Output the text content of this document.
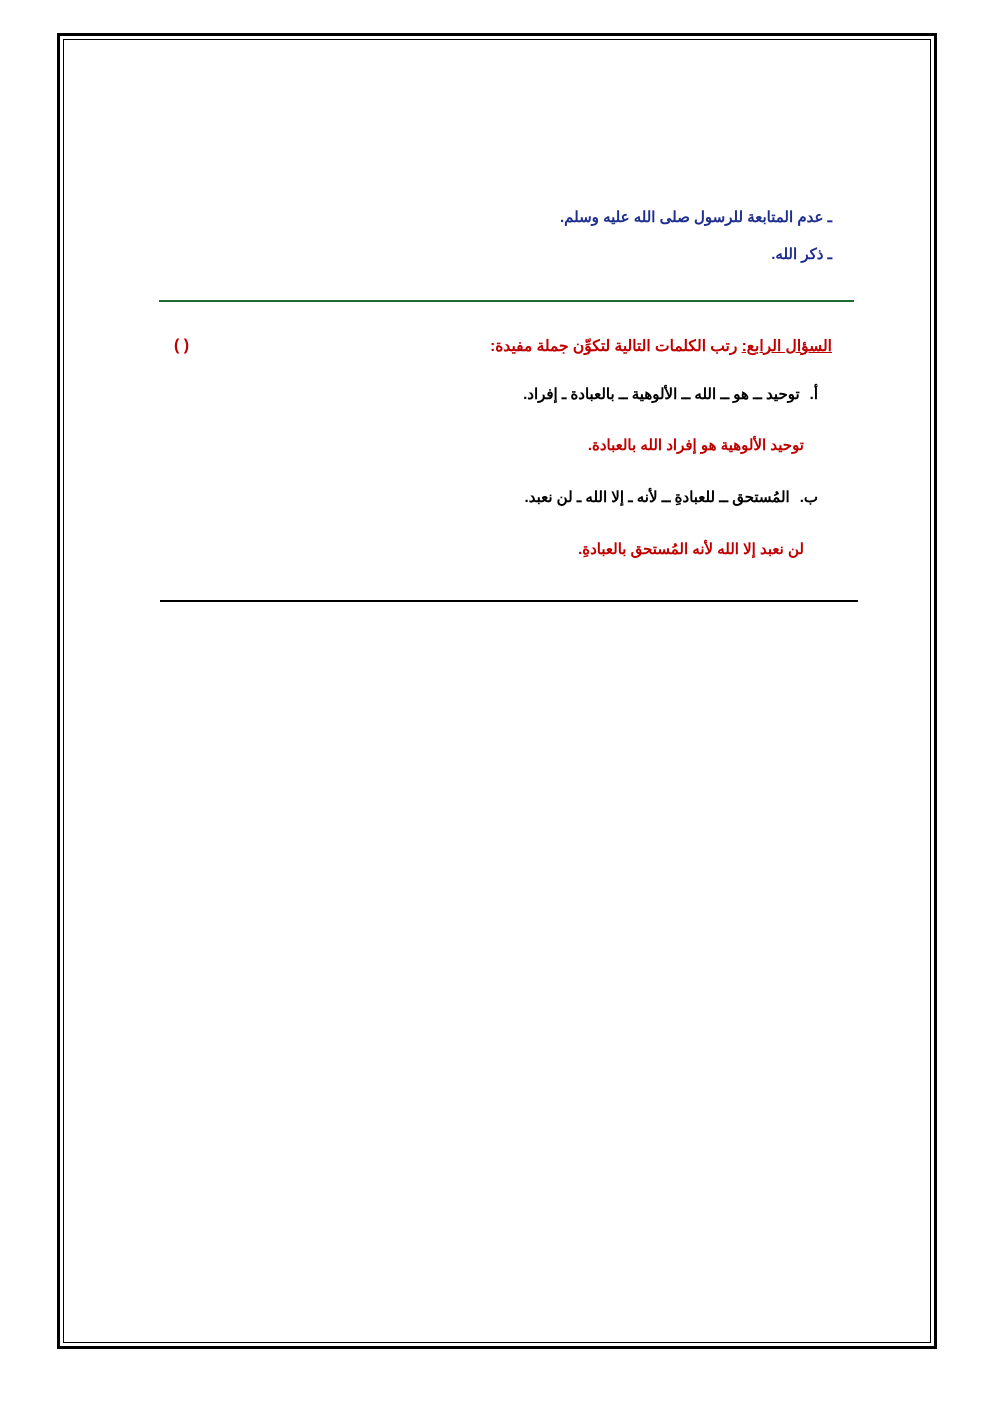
ـ عدم المتابعة للرسول صلى الله عليه وسلم.
ـ ذكر الله.
السؤال الرابع: رتب الكلمات التالية لتكوِّن جملة مفيدة:
( )
أ.توحيد ــ هو ــ الله ــ الألوهية ــ بالعبادة ـ إفراد.
توحيد الألوهية هو إفراد الله بالعبادة.
ب.المُستحق ــ للعبادةِ ــ لأنه ـ إلا الله ـ لن نعبد.
لن نعبد إلا الله لأنه المُستحق بالعبادةِ.
